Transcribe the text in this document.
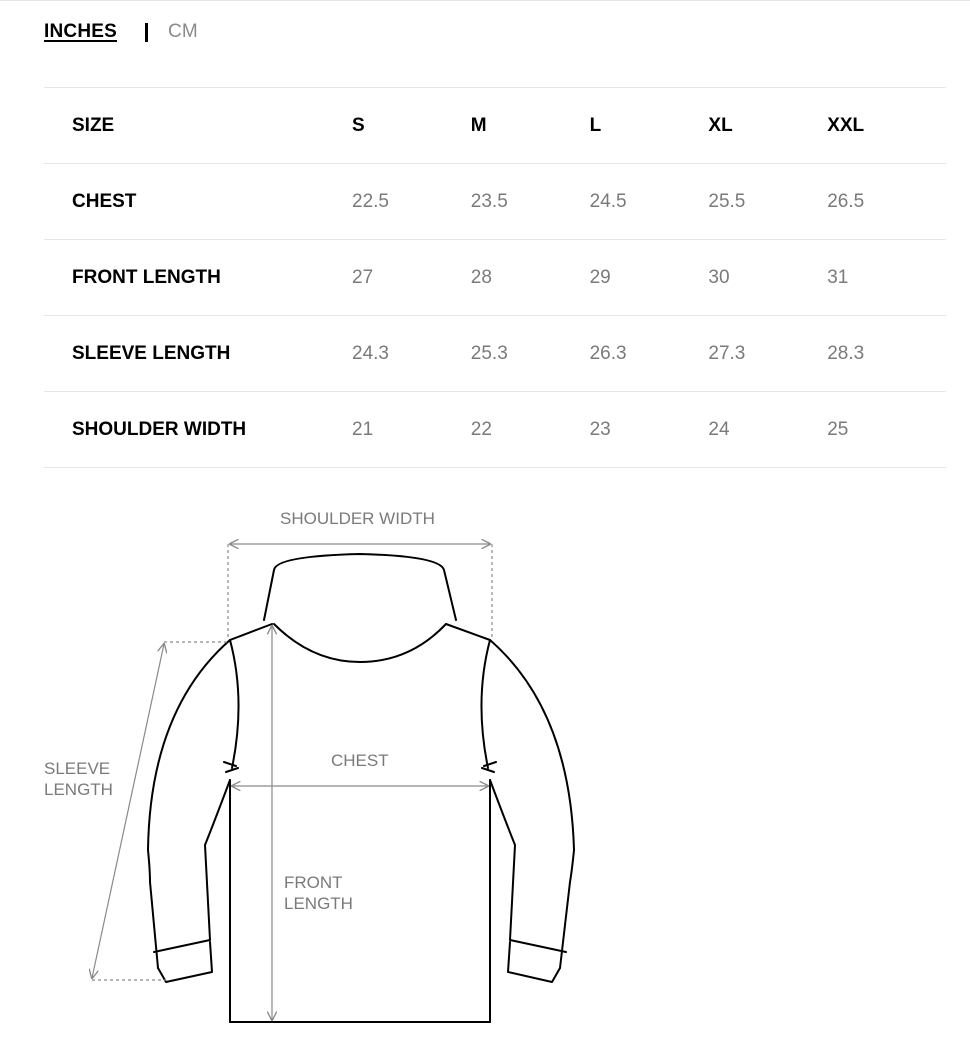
INCHES	CM
SIZE	S	M	L	XL	XXL
CHEST	22.5	23.5	24.5	25.5	26.5
FRONT LENGTH	27	28	29	30	31
SLEEVE LENGTH	24.3	25.3	26.3	27.3	28.3
SHOULDER WIDTH	21	22	23	24	25
SHOULDER WIDTH
CHEST
SLEEVE
LENGTH
FRONT
LENGTH
